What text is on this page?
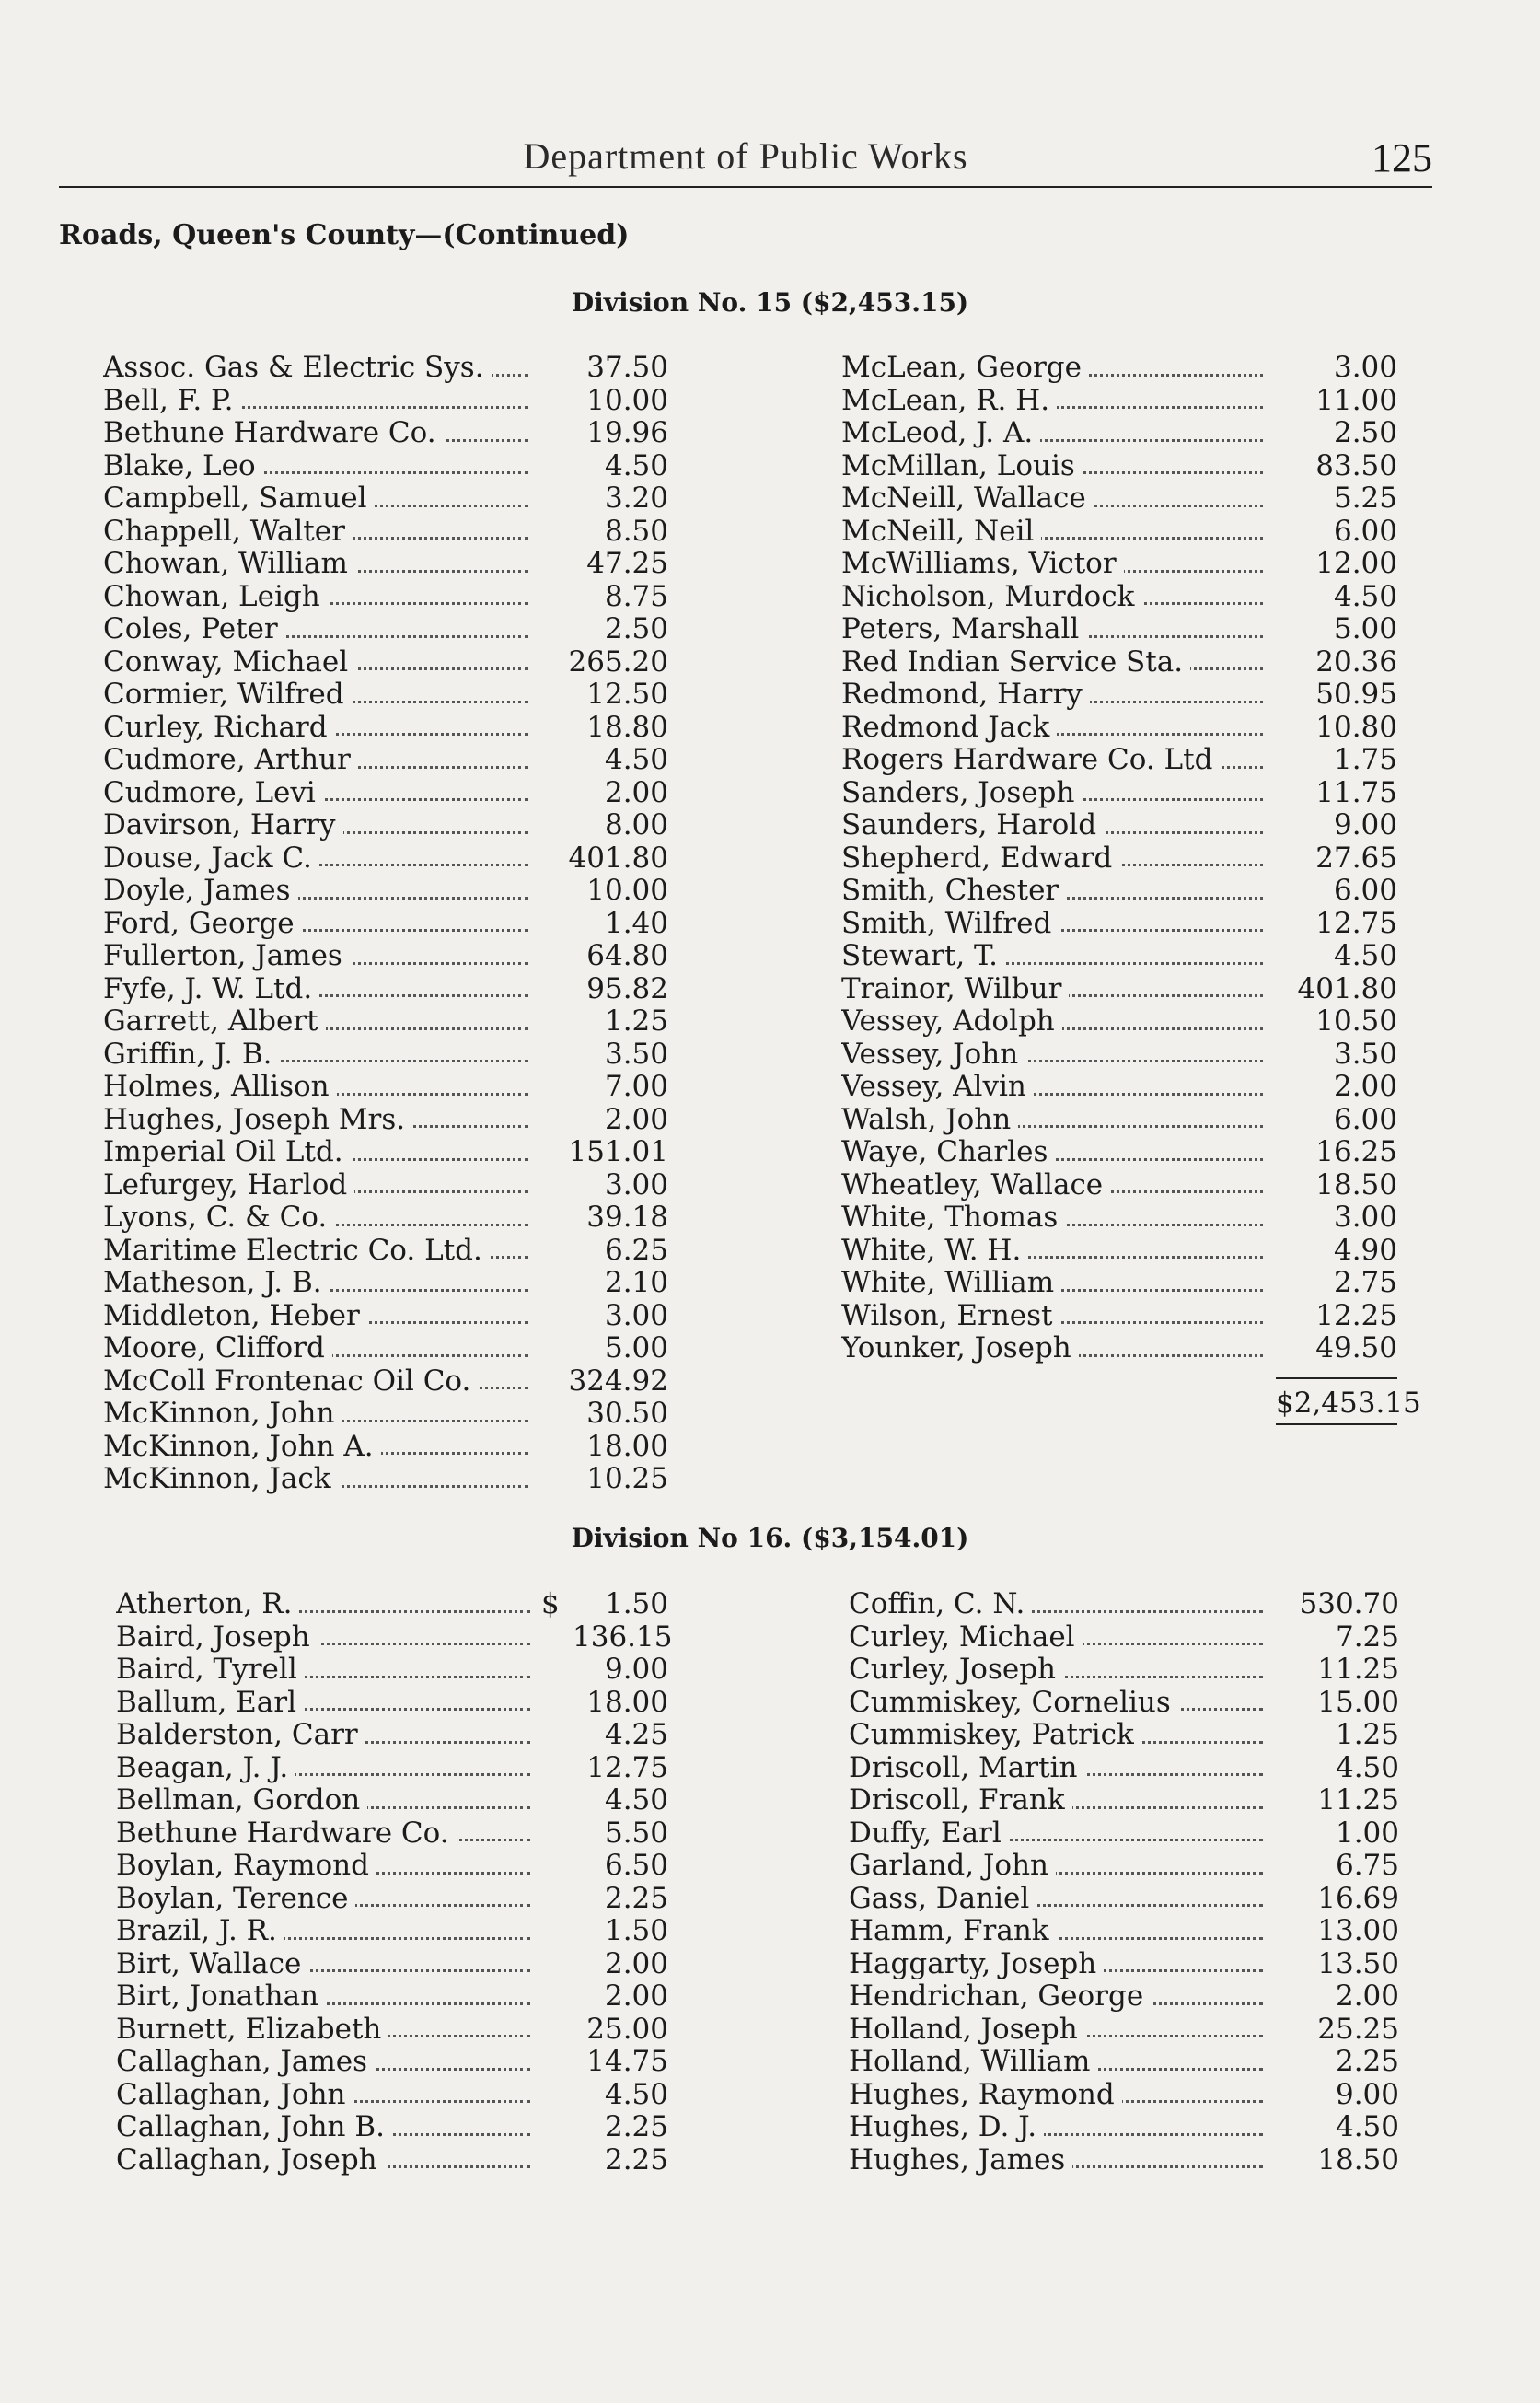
Department of Public Works	125
Roads, Queen's County—(Continued)
Division No. 15 ($2,453.15)
Assoc. Gas & Electric Sys.	37.50
Bell, F. P.	10.00
Bethune Hardware Co.	19.96
Blake, Leo	4.50
Campbell, Samuel	3.20
Chappell, Walter	8.50
Chowan, William	47.25
Chowan, Leigh	8.75
Coles, Peter	2.50
Conway, Michael	265.20
Cormier, Wilfred	12.50
Curley, Richard	18.80
Cudmore, Arthur	4.50
Cudmore, Levi	2.00
Davirson, Harry	8.00
Douse, Jack C.	401.80
Doyle, James	10.00
Ford, George	1.40
Fullerton, James	64.80
Fyfe, J. W. Ltd.	95.82
Garrett, Albert	1.25
Griffin, J. B.	3.50
Holmes, Allison	7.00
Hughes, Joseph Mrs.	2.00
Imperial Oil Ltd.	151.01
Lefurgey, Harlod	3.00
Lyons, C. & Co.	39.18
Maritime Electric Co. Ltd.	6.25
Matheson, J. B.	2.10
Middleton, Heber	3.00
Moore, Clifford	5.00
McColl Frontenac Oil Co.	324.92
McKinnon, John	30.50
McKinnon, John A.	18.00
McKinnon, Jack	10.25
McLean, George	3.00
McLean, R. H.	11.00
McLeod, J. A.	2.50
McMillan, Louis	83.50
McNeill, Wallace	5.25
McNeill, Neil	6.00
McWilliams, Victor	12.00
Nicholson, Murdock	4.50
Peters, Marshall	5.00
Red Indian Service Sta.	20.36
Redmond, Harry	50.95
Redmond Jack	10.80
Rogers Hardware Co. Ltd	1.75
Sanders, Joseph	11.75
Saunders, Harold	9.00
Shepherd, Edward	27.65
Smith, Chester	6.00
Smith, Wilfred	12.75
Stewart, T.	4.50
Trainor, Wilbur	401.80
Vessey, Adolph	10.50
Vessey, John	3.50
Vessey, Alvin	2.00
Walsh, John	6.00
Waye, Charles	16.25
Wheatley, Wallace	18.50
White, Thomas	3.00
White, W. H.	4.90
White, William	2.75
Wilson, Ernest	12.25
Younker, Joseph	49.50
$2,453.15
Division No 16. ($3,154.01)
Atherton, R.	$	1.50
Baird, Joseph	136.15
Baird, Tyrell	9.00
Ballum, Earl	18.00
Balderston, Carr	4.25
Beagan, J. J.	12.75
Bellman, Gordon	4.50
Bethune Hardware Co.	5.50
Boylan, Raymond	6.50
Boylan, Terence	2.25
Brazil, J. R.	1.50
Birt, Wallace	2.00
Birt, Jonathan	2.00
Burnett, Elizabeth	25.00
Callaghan, James	14.75
Callaghan, John	4.50
Callaghan, John B.	2.25
Callaghan, Joseph	2.25
Coffin, C. N.	530.70
Curley, Michael	7.25
Curley, Joseph	11.25
Cummiskey, Cornelius	15.00
Cummiskey, Patrick	1.25
Driscoll, Martin	4.50
Driscoll, Frank	11.25
Duffy, Earl	1.00
Garland, John	6.75
Gass, Daniel	16.69
Hamm, Frank	13.00
Haggarty, Joseph	13.50
Hendrichan, George	2.00
Holland, Joseph	25.25
Holland, William	2.25
Hughes, Raymond	9.00
Hughes, D. J.	4.50
Hughes, James	18.50
